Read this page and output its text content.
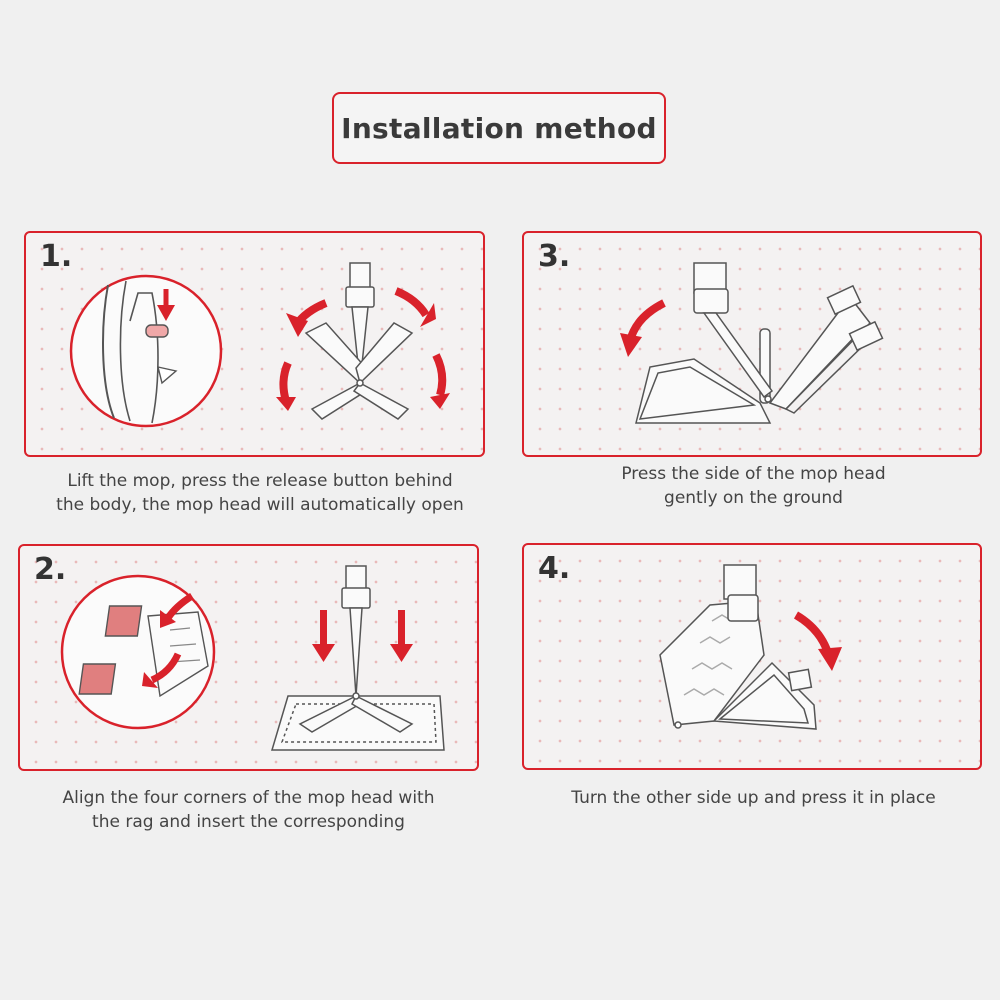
Installation method
1.
Lift the mop, press the release button behind
the body, the mop head will automatically open
3.
Press the side of the mop head
gently on the ground
2.
Align the four corners of the mop head with
the rag and insert the corresponding
4.
Turn the other side up and press it in place
